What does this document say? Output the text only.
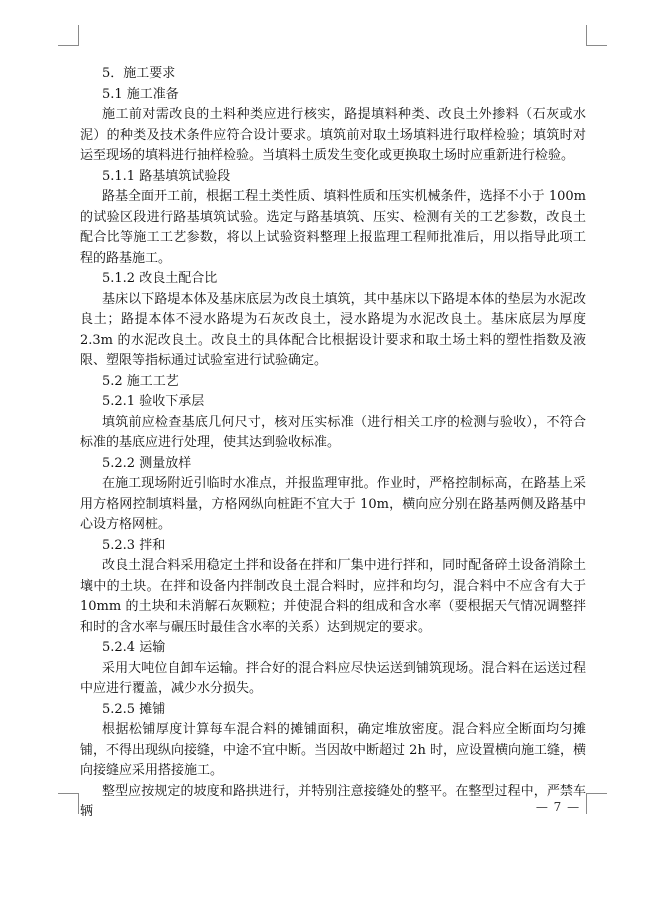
5．施工要求

5.1 施工准备

施工前对需改良的土料种类应进行核实，路提填料种类、改良土外掺料（石灰或水泥）的种类及技术条件应符合设计要求。填筑前对取土场填料进行取样检验；填筑时对运至现场的填料进行抽样检验。当填料土质发生变化或更换取土场时应重新进行检验。

5.1.1 路基填筑试验段

路基全面开工前，根据工程土类性质、填料性质和压实机械条件，选择不小于 100m 的试验区段进行路基填筑试验。选定与路基填筑、压实、检测有关的工艺参数，改良土配合比等施工工艺参数，将以上试验资料整理上报监理工程师批准后，用以指导此项工程的路基施工。

5.1.2 改良土配合比

基床以下路堤本体及基床底层为改良土填筑，其中基床以下路堤本体的垫层为水泥改良土；路提本体不浸水路堤为石灰改良土，浸水路堤为水泥改良土。基床底层为厚度 2.3m 的水泥改良土。改良土的具体配合比根据设计要求和取土场土料的塑性指数及液限、塑限等指标通过试验室进行试验确定。

5.2 施工工艺

5.2.1 验收下承层

填筑前应检查基底几何尺寸，核对压实标准（进行相关工序的检测与验收），不符合标准的基底应进行处理，使其达到验收标准。

5.2.2 测量放样

在施工现场附近引临时水准点，并报监理审批。作业时，严格控制标高，在路基上采用方格网控制填料量，方格网纵向桩距不宜大于 10m，横向应分别在路基两侧及路基中心设方格网桩。

5.2.3 拌和

改良土混合料采用稳定土拌和设备在拌和厂集中进行拌和，同时配备碎土设备消除土壤中的土块。在拌和设备内拌制改良土混合料时，应拌和均匀，混合料中不应含有大于 10mm 的土块和未消解石灰颗粒；并使混合料的组成和含水率（要根据天气情况调整拌和时的含水率与碾压时最佳含水率的关系）达到规定的要求。

5.2.4 运输

采用大吨位自卸车运输。拌合好的混合料应尽快运送到铺筑现场。混合料在运送过程中应进行覆盖，减少水分损失。

5.2.5 摊铺

根据松铺厚度计算每车混合料的摊铺面积，确定堆放密度。混合料应全断面均匀摊铺，不得出现纵向接缝，中途不宜中断。当因故中断超过 2h 时，应设置横向施工缝，横向接缝应采用搭接施工。

整型应按规定的坡度和路拱进行，并特别注意接缝处的整平。在整型过程中，严禁车辆	— 7 —
